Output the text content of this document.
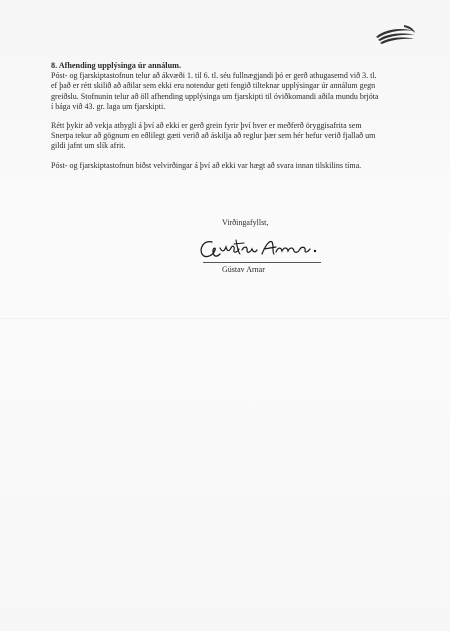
8. Afhending upplýsinga úr annálum.

Póst- og fjarskiptastofnun telur að ákvæði 1. til 6. tl. séu fullnægjandi þó er gerð athugasemd við 3. tl. ef það er rétt skilið að aðilar sem ekki eru notendur geti fengið tilteknar upplýsingar úr annálum gegn greiðslu. Stofnunin telur að öll afhending upplýsinga um fjarskipti til óviðkomandi aðila mundu brjóta í bága við 43. gr. laga um fjarskipti.

Rétt þykir að vekja athygli á því að ekki er gerð grein fyrir því hver er meðferð öryggisafrita sem Snerpa tekur að gögnum en eðlilegt gæti verið að áskilja að reglur þær sem hér hefur verið fjallað um gildi jafnt um slík afrit.

Póst- og fjarskiptastofnun biðst velvirðingar á því að ekki var hægt að svara innan tilskilins tíma.

Virðingafyllst,
Gústav Arnar
